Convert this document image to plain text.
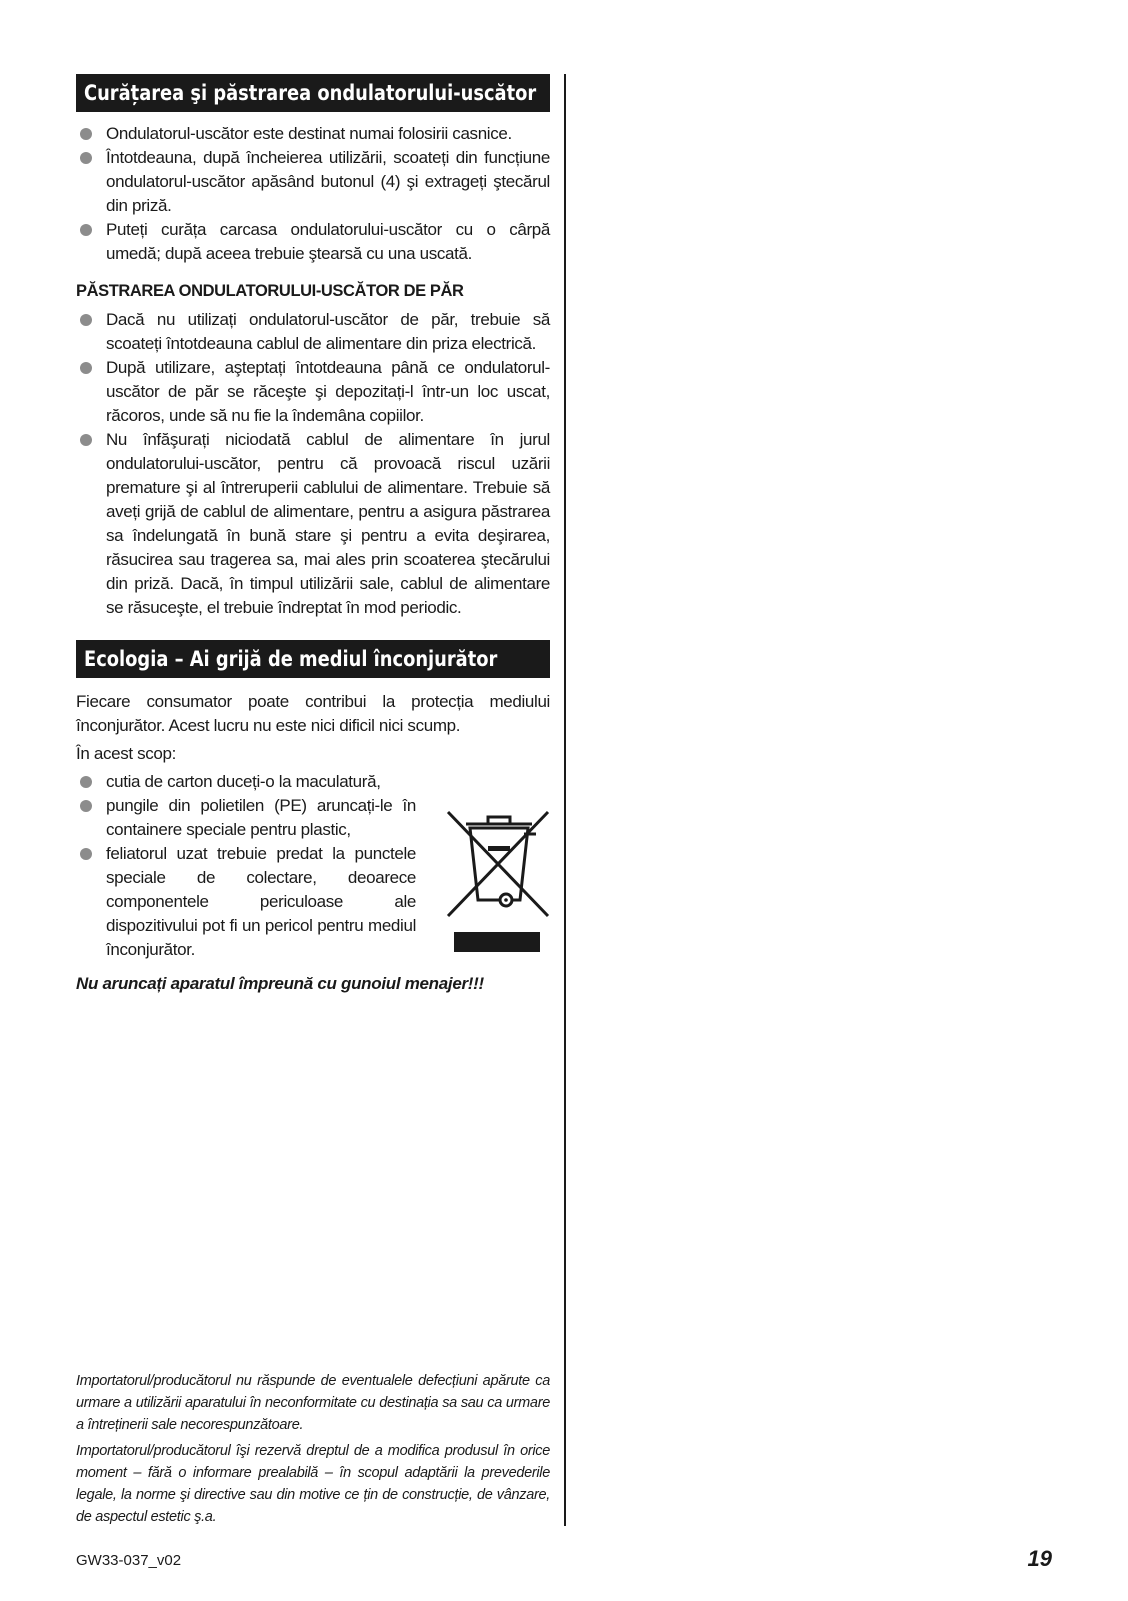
Curățarea şi păstrarea ondulatorului-uscător
Ondulatorul-uscător este destinat numai folosirii casnice.
Întotdeauna, după încheierea utilizării, scoateți din funcțiune ondulatorul-uscător apăsând butonul (4) şi extrageți ştecărul din priză.
Puteți curăța carcasa ondulatorului-uscător cu o cârpă umedă; după aceea trebuie ştearsă cu una uscată.
PĂSTRAREA ONDULATORULUI-USCĂTOR DE PĂR
Dacă nu utilizați ondulatorul-uscător de păr, trebuie să scoateți întotdeauna cablul de alimentare din priza electrică.
După utilizare, aşteptați întotdeauna până ce ondulatorul-uscător de păr se răceşte şi depozitați-l într-un loc uscat, răcoros, unde să nu fie la îndemâna copiilor.
Nu înfăşurați niciodată cablul de alimentare în jurul ondulatorului-uscător, pentru că provoacă riscul uzării premature şi al întreruperii cablului de alimentare. Trebuie să aveți grijă de cablul de alimentare, pentru a asigura păstrarea sa îndelungată în bună stare şi pentru a evita deşirarea, răsucirea sau tragerea sa, mai ales prin scoaterea ştecărului din priză. Dacă, în timpul utilizării sale, cablul de alimentare se răsuceşte, el trebuie îndreptat în mod periodic.
Ecologia – Ai grijă de mediul înconjurător
Fiecare consumator poate contribui la protecția mediului înconjurător. Acest lucru nu este nici dificil nici scump.
În acest scop:
cutia de carton duceți-o la maculatură,
pungile din polietilen (PE) aruncați-le în containere speciale pentru plastic,
feliatorul uzat trebuie predat la punctele speciale de colectare, deoarece componentele periculoase ale dispozitivului pot fi un pericol pentru mediul înconjurător.
Nu aruncați aparatul împreună cu gunoiul menajer!!!

Importatorul/producătorul nu răspunde de eventualele defecțiuni apărute ca urmare a utilizării aparatului în neconformitate cu destinația sa sau ca urmare a întreținerii sale necorespunzătoare.

Importatorul/producătorul îşi rezervă dreptul de a modifica produsul în orice moment – fără o informare prealabilă – în scopul adaptării la prevederile legale, la norme şi directive sau din motive ce țin de construcție, de vânzare, de aspectul estetic ş.a.

GW33-037_v02	19
